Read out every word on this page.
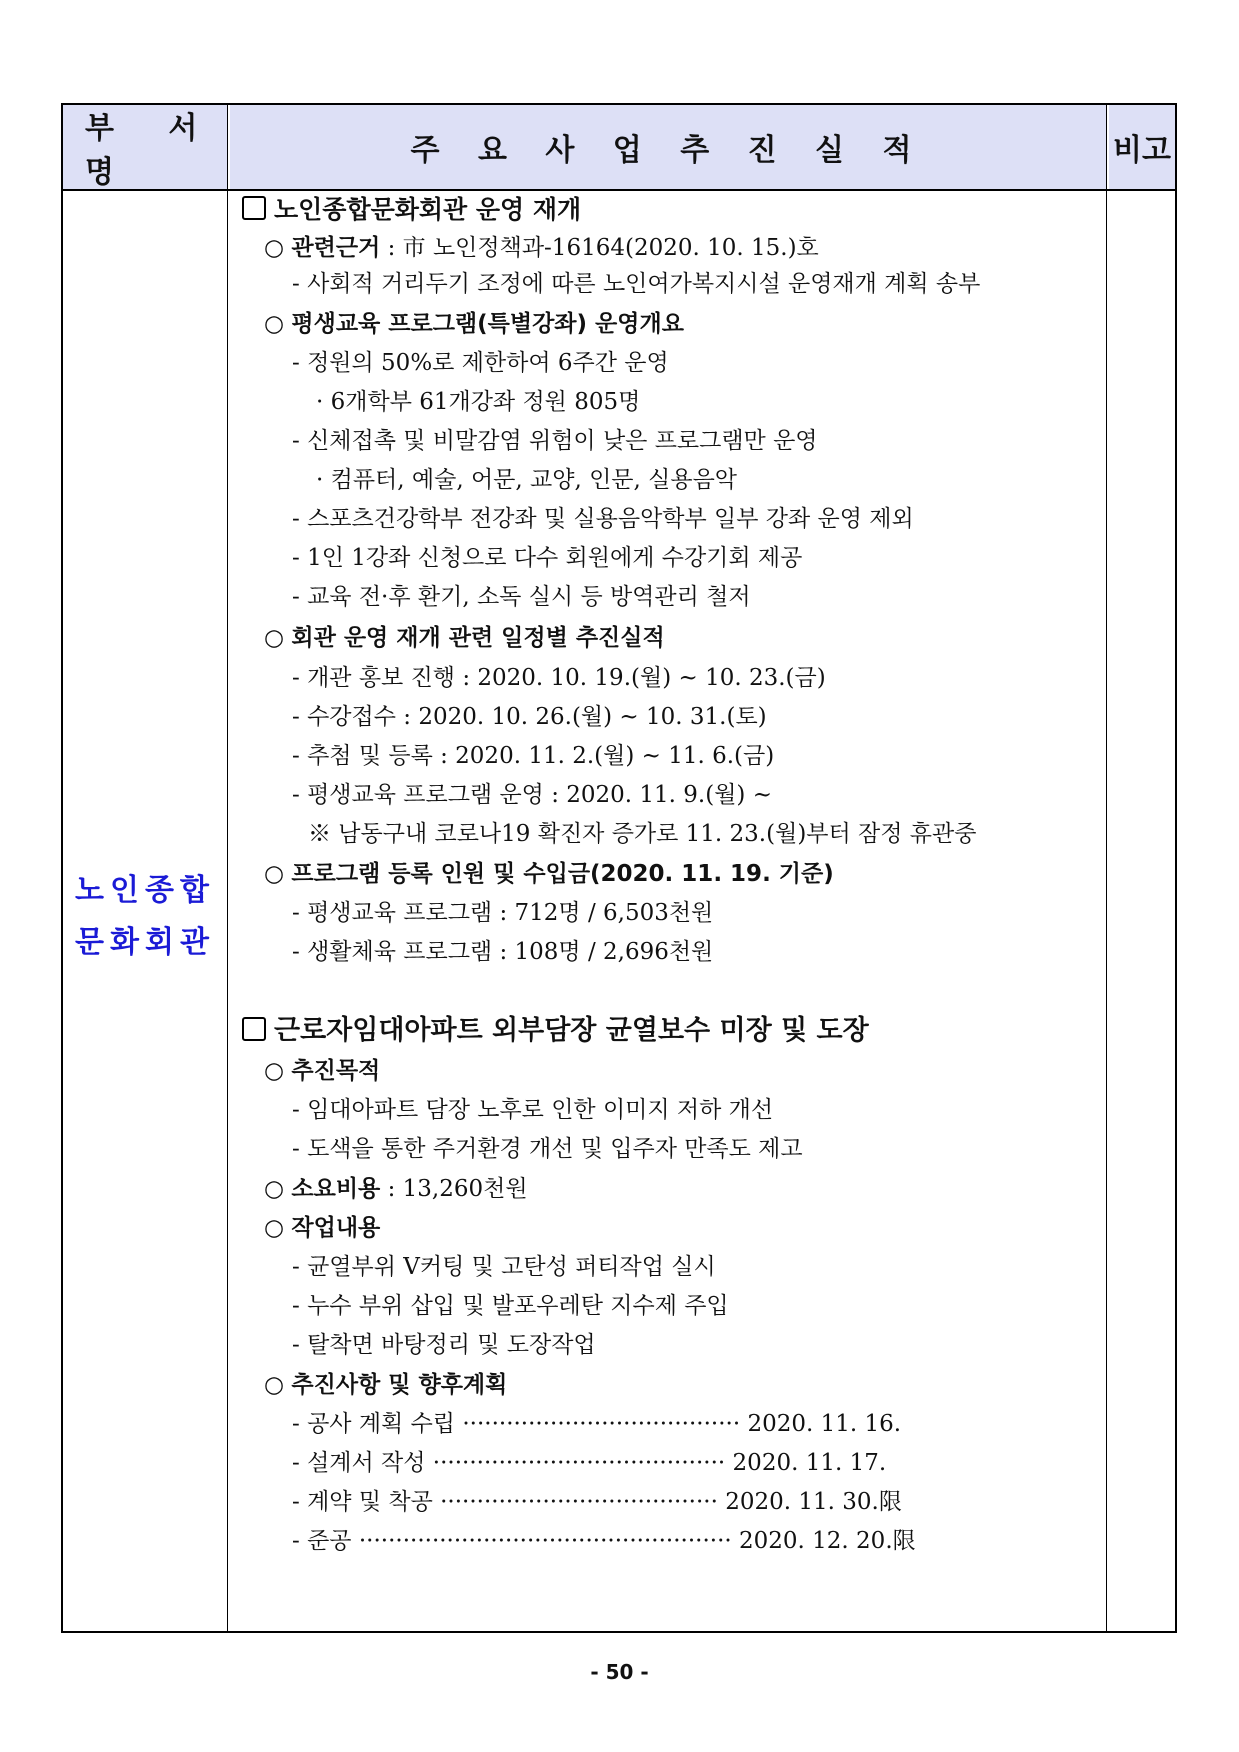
부 서 명
주 요 사 업 추 진 실 적	비고
노인종합
문화회관
노인종합문화회관 운영 재개
○ 관련근거 : 市 노인정책과-16164(2020. 10. 15.)호
- 사회적 거리두기 조정에 따른 노인여가복지시설 운영재개 계획 송부
○ 평생교육 프로그램(특별강좌) 운영개요
- 정원의 50%로 제한하여 6주간 운영
· 6개학부 61개강좌 정원 805명
- 신체접촉 및 비말감염 위험이 낮은 프로그램만 운영
· 컴퓨터, 예술, 어문, 교양, 인문, 실용음악
- 스포츠건강학부 전강좌 및 실용음악학부 일부 강좌 운영 제외
- 1인 1강좌 신청으로 다수 회원에게 수강기회 제공
- 교육 전·후 환기, 소독 실시 등 방역관리 철저
○ 회관 운영 재개 관련 일정별 추진실적
- 개관 홍보 진행 : 2020. 10. 19.(월) ~ 10. 23.(금)
- 수강접수 : 2020. 10. 26.(월) ~ 10. 31.(토)
- 추첨 및 등록 : 2020. 11. 2.(월) ~ 11. 6.(금)
- 평생교육 프로그램 운영 : 2020. 11. 9.(월) ~
※ 남동구내 코로나19 확진자 증가로 11. 23.(월)부터 잠정 휴관중
○ 프로그램 등록 인원 및 수입금(2020. 11. 19. 기준)
- 평생교육 프로그램 : 712명 / 6,503천원
- 생활체육 프로그램 : 108명 / 2,696천원
근로자임대아파트 외부담장 균열보수 미장 및 도장
○ 추진목적
- 임대아파트 담장 노후로 인한 이미지 저하 개선
- 도색을 통한 주거환경 개선 및 입주자 만족도 제고
○ 소요비용 : 13,260천원
○ 작업내용
- 균열부위 V커팅 및 고탄성 퍼티작업 실시
- 누수 부위 삽입 및 발포우레탄 지수제 주입
- 탈착면 바탕정리 및 도장작업
○ 추진사항 및 향후계획
- 공사 계획 수립 ······································ 2020. 11. 16.
- 설계서 작성 ········································ 2020. 11. 17.
- 계약 및 착공 ······································ 2020. 11. 30.限
- 준공 ··················································· 2020. 12. 20.限
- 50 -
